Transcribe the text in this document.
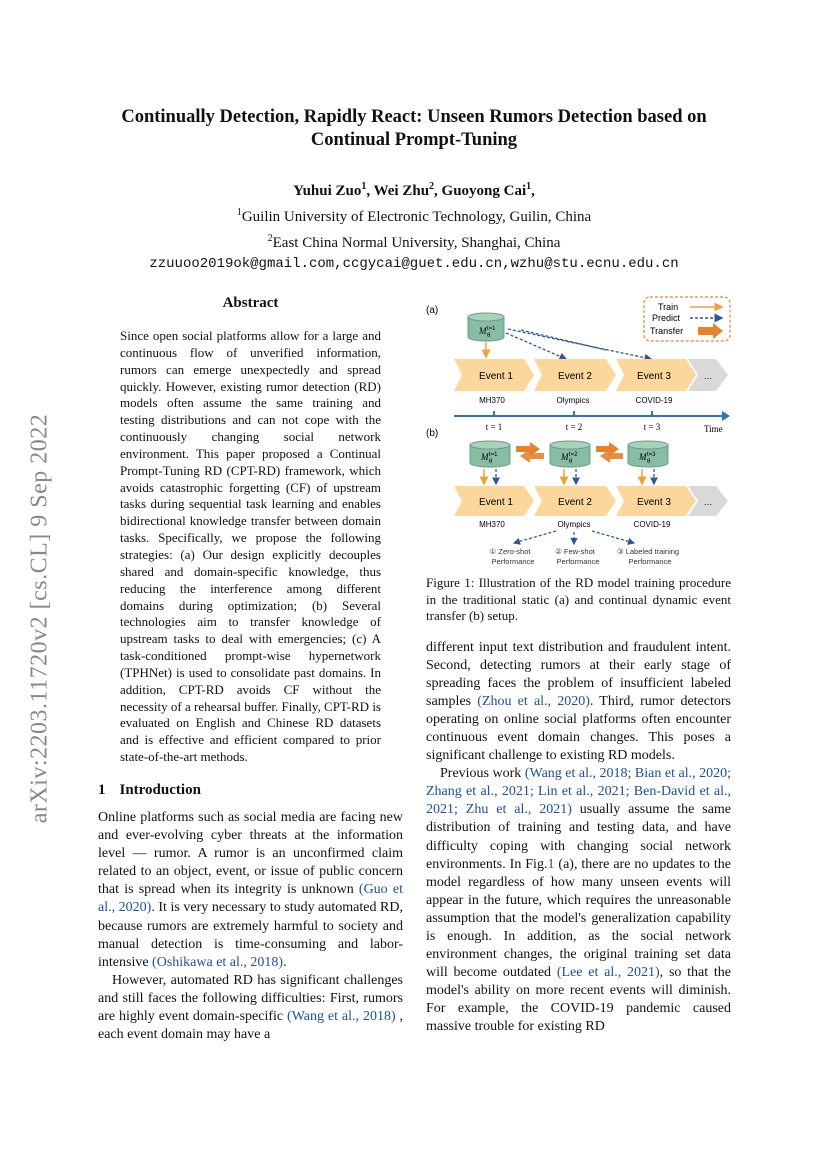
Continually Detection, Rapidly React: Unseen Rumors Detection based on Continual Prompt-Tuning
Yuhui Zuo$^1$, Wei Zhu$^2$, Guoyong Cai$^1$,
$^1$Guilin University of Electronic Technology, Guilin, China
$^2$East China Normal University, Shanghai, China
zzuuoo2019ok@gmail.com,ccgycai@guet.edu.cn,wzhu@stu.ecnu.edu.cn
arXiv:2203.11720v2 [cs.CL] 9 Sep 2022
Abstract
Since open social platforms allow for a large and continuous flow of unverified information, rumors can emerge unexpectedly and spread quickly. However, existing rumor detection (RD) models often assume the same training and testing distributions and can not cope with the continuously changing social network environment. This paper proposed a Continual Prompt-Tuning RD (CPT-RD) framework, which avoids catastrophic forgetting (CF) of upstream tasks during sequential task learning and enables bidirectional knowledge transfer between domain tasks. Specifically, we propose the following strategies: (a) Our design explicitly decouples shared and domain-specific knowledge, thus reducing the interference among different domains during optimization; (b) Several technologies aim to transfer knowledge of upstream tasks to deal with emergencies; (c) A task-conditioned prompt-wise hypernetwork (TPHNet) is used to consolidate past domains. In addition, CPT-RD avoids CF without the necessity of a rehearsal buffer. Finally, CPT-RD is evaluated on English and Chinese RD datasets and is effective and efficient compared to prior state-of-the-art methods.
1 Introduction

Online platforms such as social media are facing new and ever-evolving cyber threats at the information level — rumor. A rumor is an unconfirmed claim related to an object, event, or issue of public concern that is spread when its integrity is unknown (Guo et al., 2020). It is very necessary to study automated RD, because rumors are extremely harmful to society and manual detection is time-consuming and labor-intensive (Oshikawa et al., 2018).

However, automated RD has significant challenges and still faces the following difficulties: First, rumors are highly event domain-specific (Wang et al., 2018) , each event domain may have a

(a)
(b)
Train
Predict
Transfer
M t=1
θ
Event 1	Event 2	Event 3	…
MH370	Olympics	COVID-19
t = 1	t = 2	t = 3	Time
M t=1
θ	M t=2
θ	M t=3
θ
Event 1	Event 2	Event 3	…
MH370	Olympics	COVID-19
① Zero-shot
Performance
② Few-shot
Performance
③ Labeled training
Performance
Figure 1: Illustration of the RD model training procedure in the traditional static (a) and continual dynamic event transfer (b) setup.

different input text distribution and fraudulent intent. Second, detecting rumors at their early stage of spreading faces the problem of insufficient labeled samples (Zhou et al., 2020). Third, rumor detectors operating on online social platforms often encounter continuous event domain changes. This poses a significant challenge to existing RD models.

Previous work (Wang et al., 2018; Bian et al., 2020; Zhang et al., 2021; Lin et al., 2021; Ben-David et al., 2021; Zhu et al., 2021) usually assume the same distribution of training and testing data, and have difficulty coping with changing social network environments. In Fig.1 (a), there are no updates to the model regardless of how many unseen events will appear in the future, which requires the unreasonable assumption that the model's generalization capability is enough. In addition, as the social network environment changes, the original training set data will become outdated (Lee et al., 2021), so that the model's ability on more recent events will diminish. For example, the COVID-19 pandemic caused massive trouble for existing RD
